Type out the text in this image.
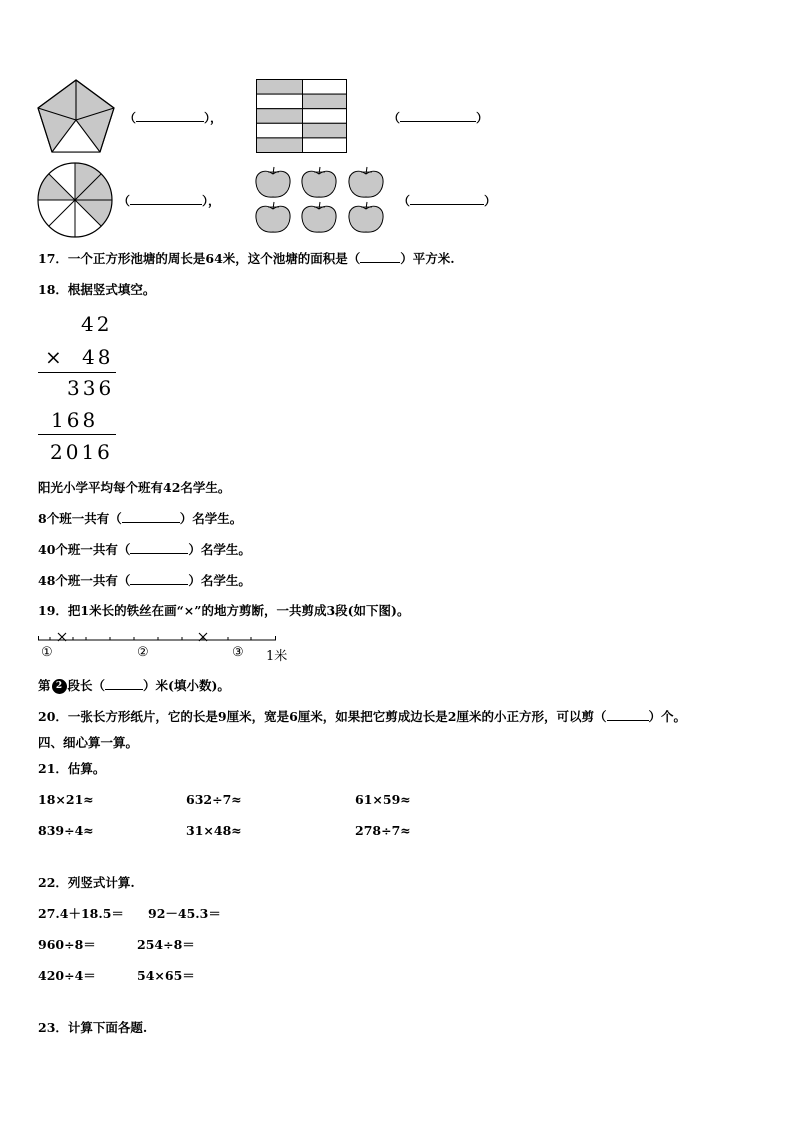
（	），	（	）
（	），	（	）
17．一个正方形池塘的周长是64米，这个池塘的面积是（	）平方米.
18．根据竖式填空。
42
× 48
336
168
2016
阳光小学平均每个班有42名学生。
8个班一共有（	）名学生。
40个班一共有（	）名学生。
48个班一共有（	）名学生。
19．把1米长的铁丝在画“×”的地方剪断，一共剪成3段(如下图)。
①	②	③ 1米
第 2 段长（	）米(填小数)。
20．一张长方形纸片，它的长是9厘米，宽是6厘米，如果把它剪成边长是2厘米的小正方形，可以剪（	）个。
四、细心算一算。
21．估算。
18×21≈	632÷7≈	61×59≈
839÷4≈	31×48≈	278÷7≈
22．列竖式计算.
27.4＋18.5＝ 92－45.3＝
960÷8＝	254÷8＝
420÷4＝	54×65＝
23．计算下面各题.
